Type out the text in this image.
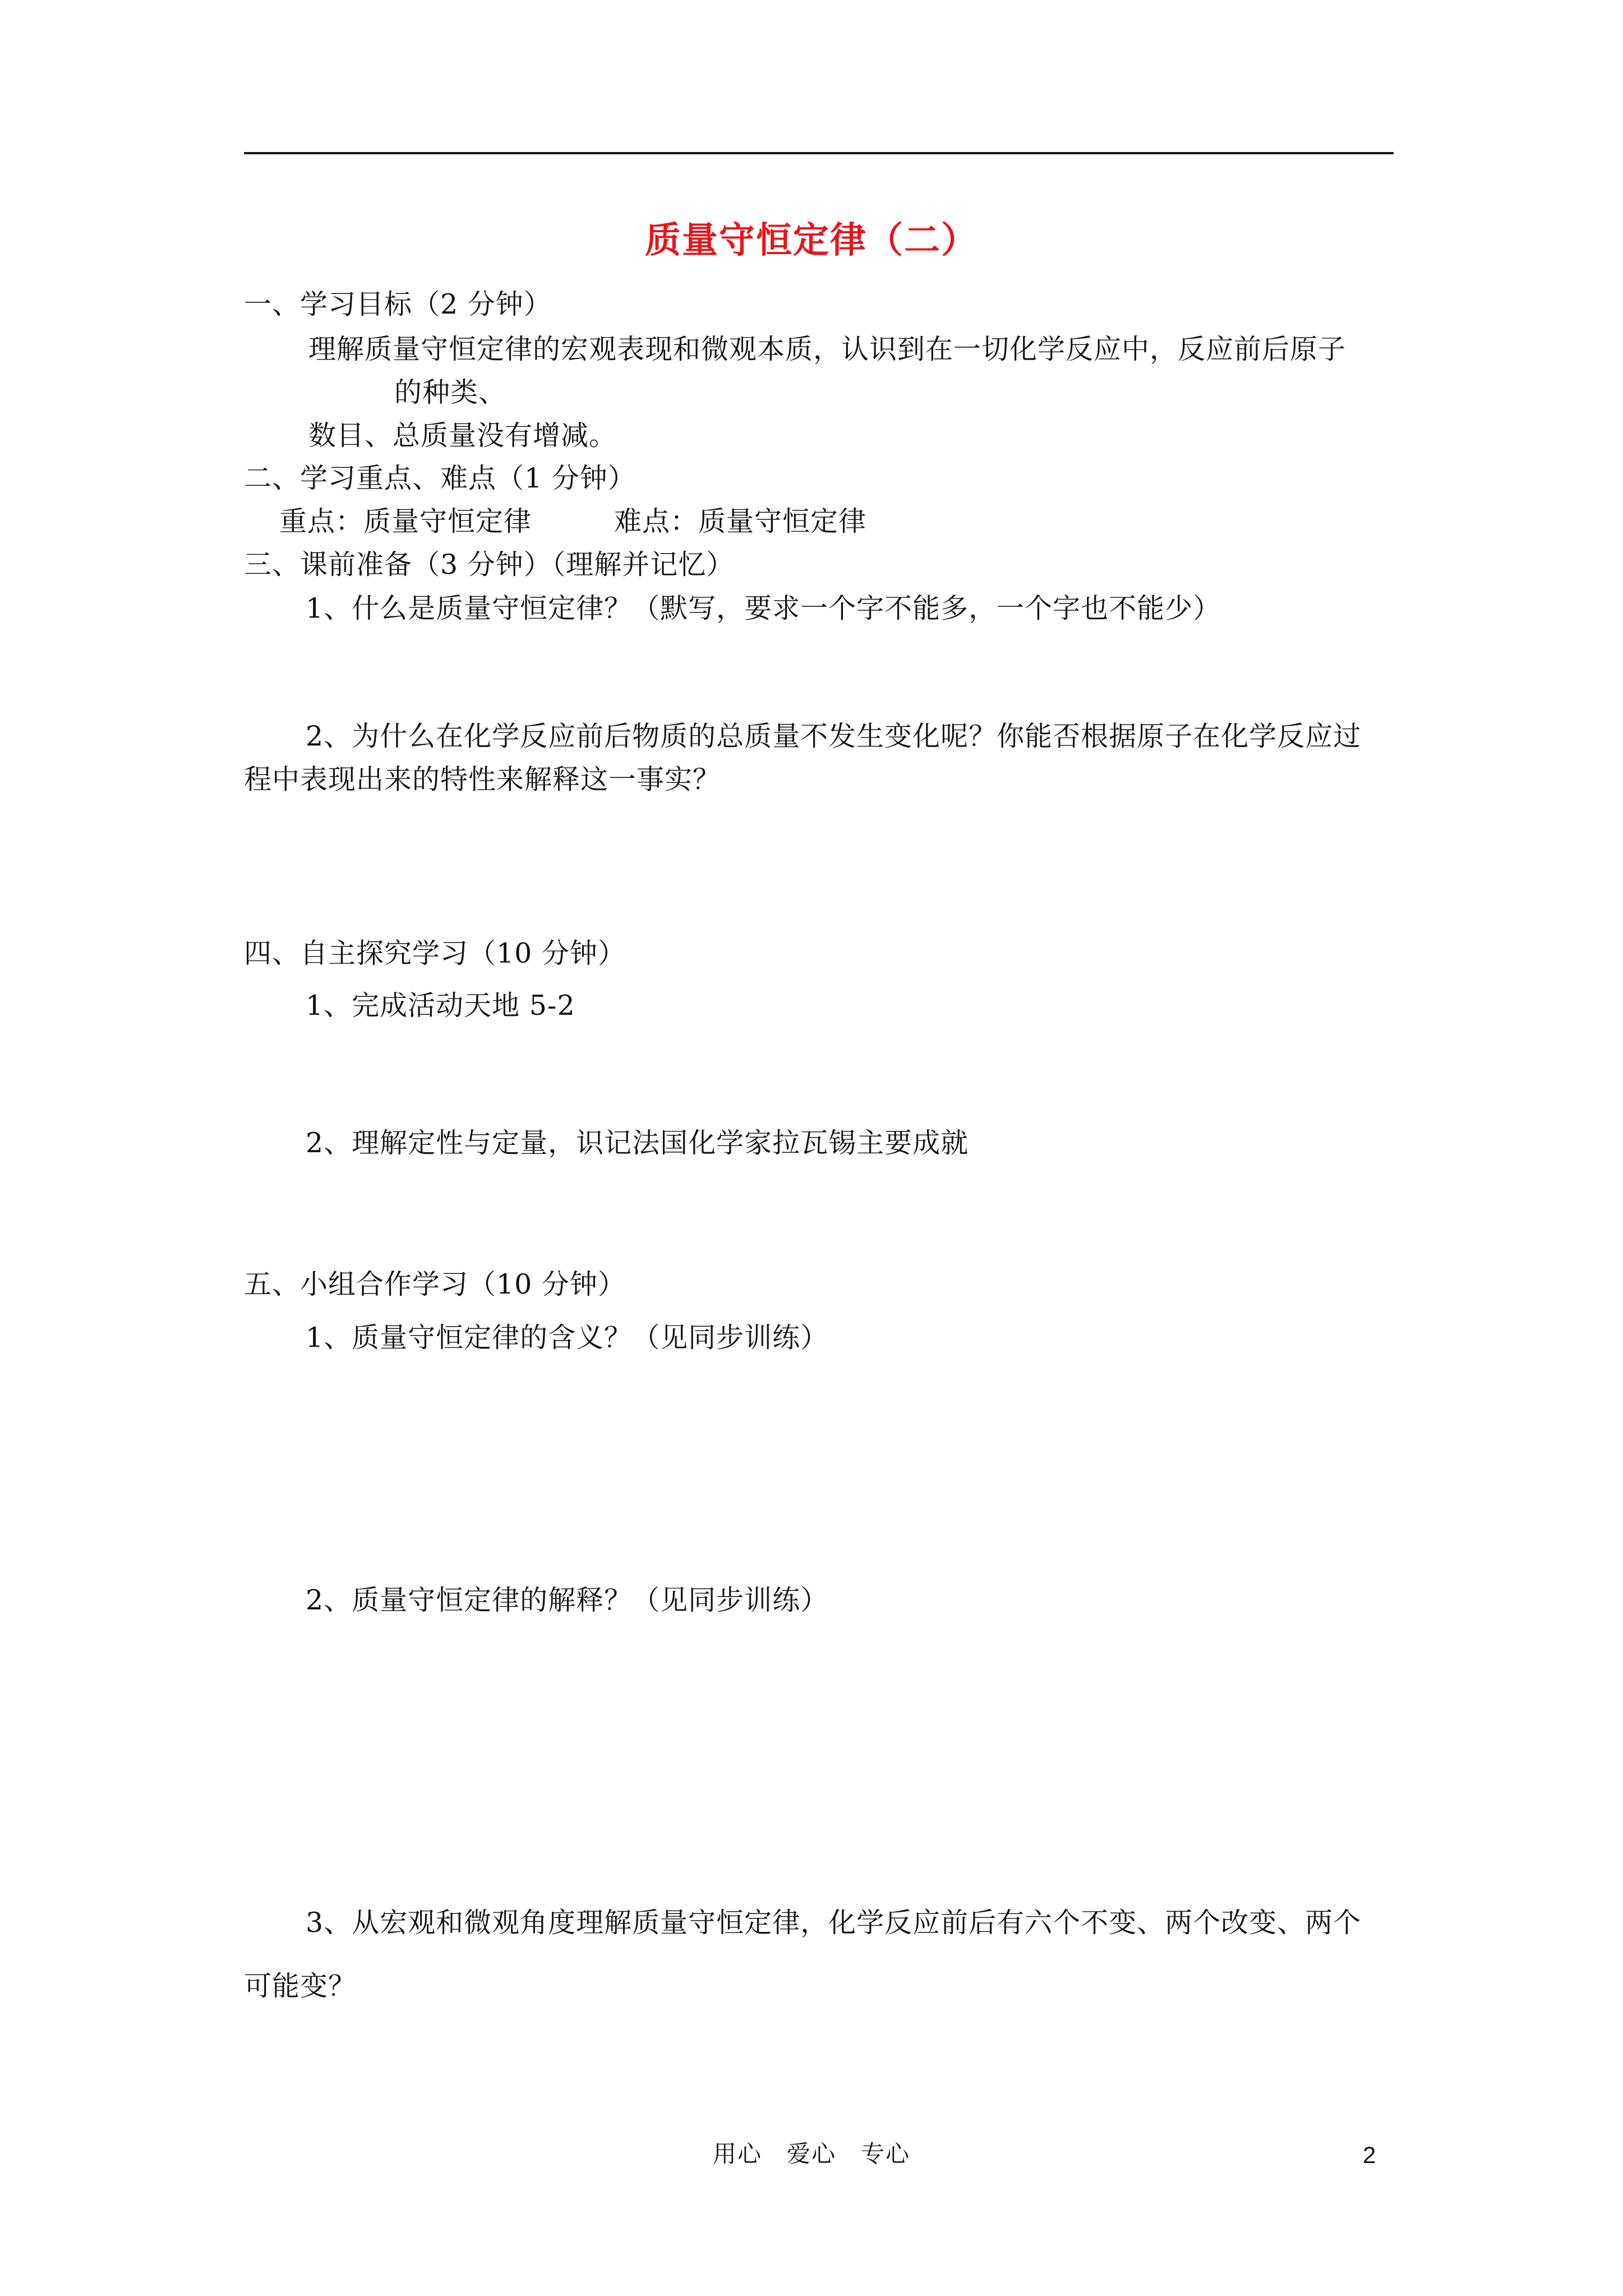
质量守恒定律（二）
一、学习目标（2 分钟）
理解质量守恒定律的宏观表现和微观本质，认识到在一切化学反应中，反应前后原子
的种类、
数目、总质量没有增减。
二、学习重点、难点（1 分钟）
重点：质量守恒定律	难点：质量守恒定律
三、课前准备（3 分钟）（理解并记忆）
1、什么是质量守恒定律？（默写，要求一个字不能多，一个字也不能少）
2、为什么在化学反应前后物质的总质量不发生变化呢？你能否根据原子在化学反应过
程中表现出来的特性来解释这一事实？
四、自主探究学习（10 分钟）
1、完成活动天地 5-2
2、理解定性与定量，识记法国化学家拉瓦锡主要成就
五、小组合作学习（10 分钟）
1、质量守恒定律的含义？（见同步训练）
2、质量守恒定律的解释？（见同步训练）
3、从宏观和微观角度理解质量守恒定律，化学反应前后有六个不变、两个改变、两个
可能变？
用心　爱心　专心	2
